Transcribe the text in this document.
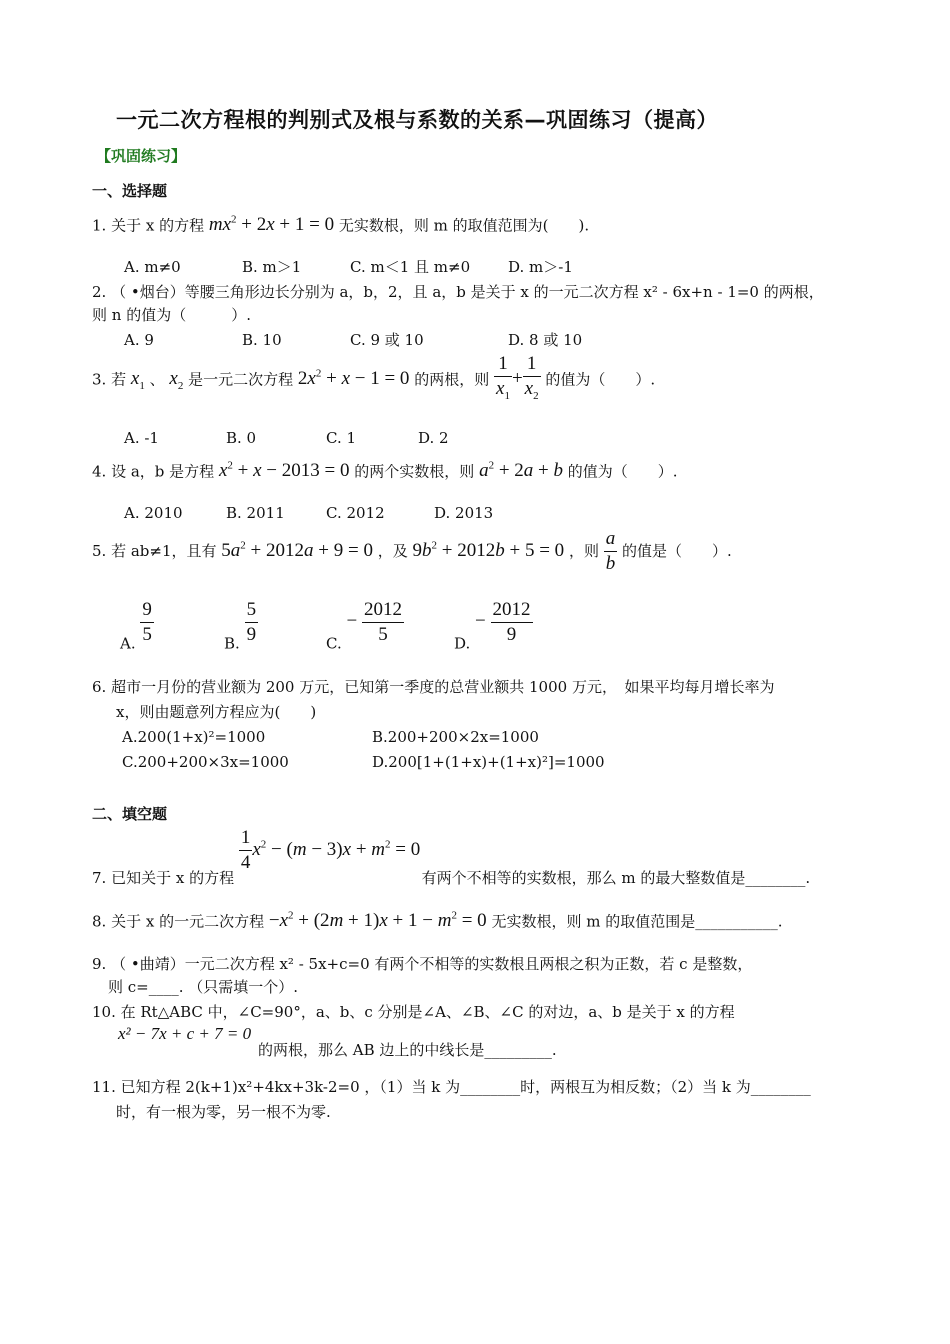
一元二次方程根的判别式及根与系数的关系—巩固练习（提高）
【巩固练习】
一、选择题
1. 关于 x 的方程 $mx^2 + 2x + 1 = 0$ 无实数根，则 m 的取值范围为(　　).
A. m≠0	B. m＞1	C. m＜1 且 m≠0	D. m＞-1
2. （ •烟台）等腰三角形边长分别为 a，b，2，且 a，b 是关于 x 的一元二次方程 x² - 6x+n - 1=0 的两根，
则 n 的值为（　　　）.
A. 9	B. 10	C. 9 或 10	D. 8 或 10
3. 若 $x_1$ 、 $x_2$ 是一元二次方程 $2x^2 + x - 1 = 0$ 的两根，则 $\frac{1}{x_1} + \frac{1}{x_2}$ 的值为（　　）.
A. -1	B. 0	C. 1	D. 2
4. 设 a，b 是方程 $x^2 + x - 2013 = 0$ 的两个实数根，则 $a^2 + 2a + b$ 的值为（　　）.
A. 2010	B. 2011	C. 2012	D. 2013
5. 若 ab≠1，且有 $5a^2 + 2012a + 9 = 0$ ，及 $9b^2 + 2012b + 5 = 0$ ，则 $\frac{a}{b}$ 的值是（　　）.
A. $\frac{9}{5}$	B. $\frac{5}{9}$	C. − $\frac{2012}{5}$	D. − $\frac{2012}{9}$
6. 超市一月份的营业额为 200 万元，已知第一季度的总营业额共 1000 万元，　如果平均每月增长率为
x，则由题意列方程应为(　　)
A.200(1+x)²=1000	B.200+200×2x=1000
C.200+200×3x=1000	D.200[1+(1+x)+(1+x)²]=1000
二、填空题
7. 已知关于 x 的方程
$\frac{1}{4} x^2 - (m - 3)x + m^2 = 0$ 有两个不相等的实数根，那么 m 的最大整数值是________.
8. 关于 x 的一元二次方程 $-x^2 + (2m + 1)x + 1 - m^2 = 0$ 无实数根，则 m 的取值范围是___________.
9. （ •曲靖）一元二次方程 x² - 5x+c=0 有两个不相等的实数根且两根之积为正数，若 c 是整数，
则 c=____. （只需填一个）.
10. 在 Rt△ABC 中，∠C=90°，a、b、c 分别是∠A、∠B、∠C 的对边，a、b 是关于 x 的方程
x² − 7x + c + 7 = 0
的两根，那么 AB 边上的中线长是_________.
11. 已知方程 2(k+1)x²+4kx+3k-2=0 ，（1）当 k 为________时，两根互为相反数；（2）当 k 为________
时，有一根为零，另一根不为零.
